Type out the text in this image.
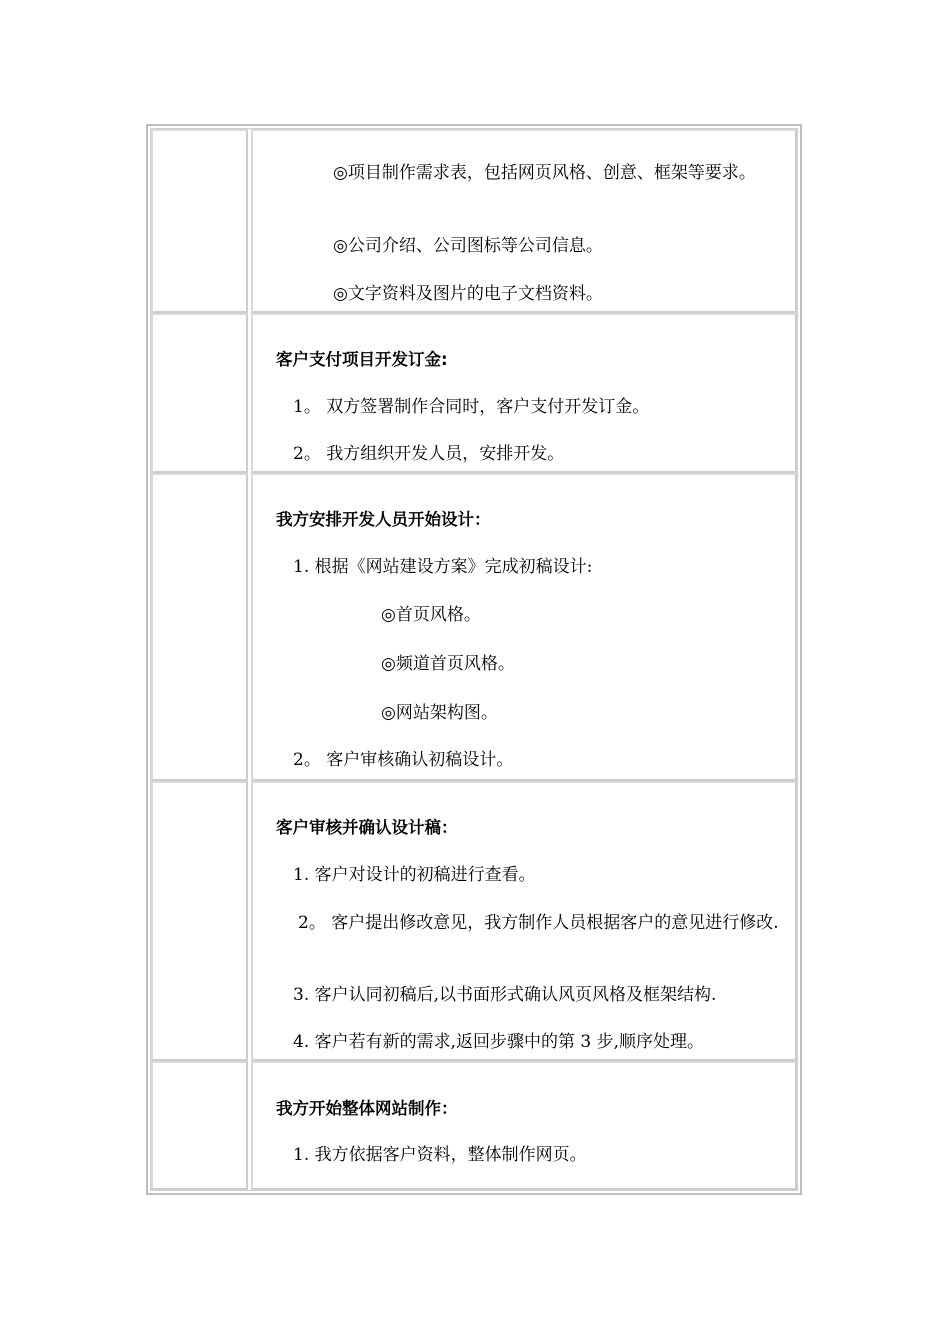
◎项目制作需求表，包括网页风格、创意、框架等要求。
◎公司介绍、公司图标等公司信息。
◎文字资料及图片的电子文档资料。
客户支付项目开发订金:
1。 双方签署制作合同时，客户支付开发订金。
2。 我方组织开发人员，安排开发。
我方安排开发人员开始设计：
1. 根据《网站建设方案》完成初稿设计:
◎首页风格。
◎频道首页风格。
◎网站架构图。
2。 客户审核确认初稿设计。
客户审核并确认设计稿：
1. 客户对设计的初稿进行查看。
2。 客户提出修改意见，我方制作人员根据客户的意见进行修改.
3. 客户认同初稿后,以书面形式确认风页风格及框架结构.
4. 客户若有新的需求,返回步骤中的第 3 步,顺序处理。
我方开始整体网站制作：
1. 我方依据客户资料，整体制作网页。
